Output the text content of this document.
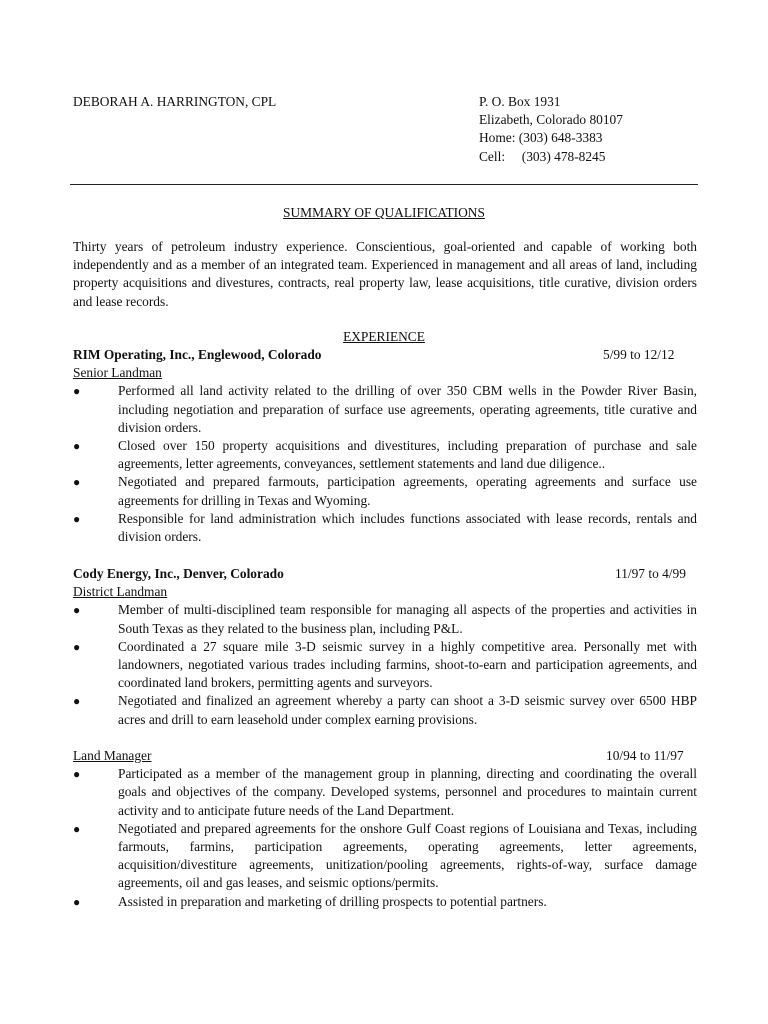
DEBORAH A. HARRINGTON, CPL	P. O. Box 1931
Elizabeth, Colorado 80107
Home: (303) 648-3383
Cell:     (303) 478-8245
SUMMARY OF QUALIFICATIONS
Thirty years of petroleum industry experience. Conscientious, goal-oriented and capable of working both independently and as a member of an integrated team. Experienced in management and all areas of land, including property acquisitions and divestures, contracts, real property law, lease acquisitions, title curative, division orders and lease records.
EXPERIENCE
RIM Operating, Inc., Englewood, Colorado	5/99 to 12/12
Senior Landman
●	Performed all land activity related to the drilling of over 350 CBM wells in the Powder River Basin, including negotiation and preparation of surface use agreements, operating agreements, title curative and division orders.
●	Closed over 150 property acquisitions and divestitures, including preparation of purchase and sale agreements, letter agreements, conveyances, settlement statements and land due diligence..
●	Negotiated and prepared farmouts, participation agreements, operating agreements and surface use agreements for drilling in Texas and Wyoming.
●	Responsible for land administration which includes functions associated with lease records, rentals and division orders.
Cody Energy, Inc., Denver, Colorado	11/97 to 4/99
District Landman
●	Member of multi-disciplined team responsible for managing all aspects of the properties and activities in South Texas as they related to the business plan, including P&L.
●	Coordinated a 27 square mile 3-D seismic survey in a highly competitive area. Personally met with landowners, negotiated various trades including farmins, shoot-to-earn and participation agreements, and coordinated land brokers, permitting agents and surveyors.
●	Negotiated and finalized an agreement whereby a party can shoot a 3-D seismic survey over 6500 HBP acres and drill to earn leasehold under complex earning provisions.
Land Manager	10/94 to 11/97
●	Participated as a member of the management group in planning, directing and coordinating the overall goals and objectives of the company. Developed systems, personnel and procedures to maintain current activity and to anticipate future needs of the Land Department.
●	Negotiated and prepared agreements for the onshore Gulf Coast regions of Louisiana and Texas, including farmouts, farmins, participation agreements, operating agreements, letter agreements, acquisition/divestiture agreements, unitization/pooling agreements, rights-of-way, surface damage agreements, oil and gas leases, and seismic options/permits.
●	Assisted in preparation and marketing of drilling prospects to potential partners.
